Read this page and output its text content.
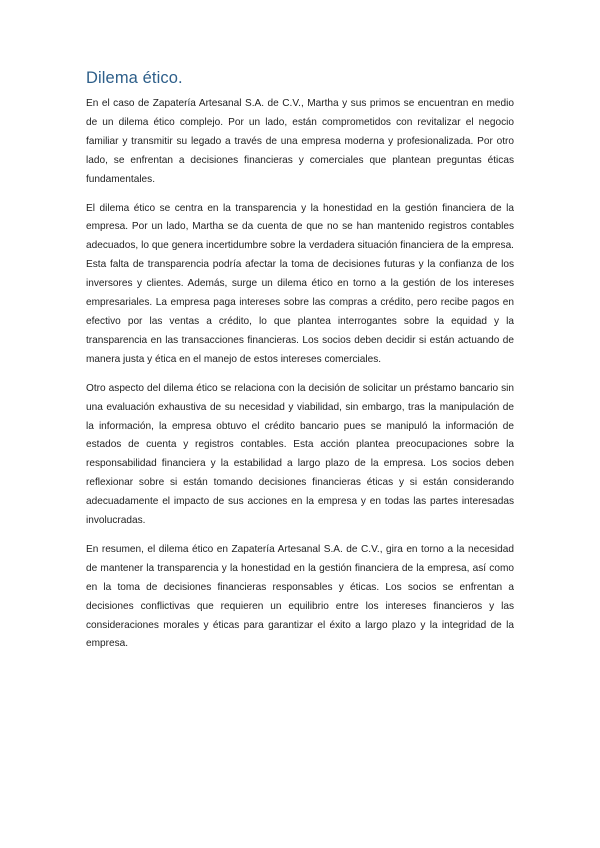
Dilema ético.

En el caso de Zapatería Artesanal S.A. de C.V., Martha y sus primos se encuentran en medio de un dilema ético complejo. Por un lado, están comprometidos con revitalizar el negocio familiar y transmitir su legado a través de una empresa moderna y profesionalizada. Por otro lado, se enfrentan a decisiones financieras y comerciales que plantean preguntas éticas fundamentales.

El dilema ético se centra en la transparencia y la honestidad en la gestión financiera de la empresa. Por un lado, Martha se da cuenta de que no se han mantenido registros contables adecuados, lo que genera incertidumbre sobre la verdadera situación financiera de la empresa. Esta falta de transparencia podría afectar la toma de decisiones futuras y la confianza de los inversores y clientes. Además, surge un dilema ético en torno a la gestión de los intereses empresariales. La empresa paga intereses sobre las compras a crédito, pero recibe pagos en efectivo por las ventas a crédito, lo que plantea interrogantes sobre la equidad y la transparencia en las transacciones financieras. Los socios deben decidir si están actuando de manera justa y ética en el manejo de estos intereses comerciales.

Otro aspecto del dilema ético se relaciona con la decisión de solicitar un préstamo bancario sin una evaluación exhaustiva de su necesidad y viabilidad, sin embargo, tras la manipulación de la información, la empresa obtuvo el crédito bancario pues se manipuló la información de estados de cuenta y registros contables. Esta acción plantea preocupaciones sobre la responsabilidad financiera y la estabilidad a largo plazo de la empresa. Los socios deben reflexionar sobre si están tomando decisiones financieras éticas y si están considerando adecuadamente el impacto de sus acciones en la empresa y en todas las partes interesadas involucradas.

En resumen, el dilema ético en Zapatería Artesanal S.A. de C.V., gira en torno a la necesidad de mantener la transparencia y la honestidad en la gestión financiera de la empresa, así como en la toma de decisiones financieras responsables y éticas. Los socios se enfrentan a decisiones conflictivas que requieren un equilibrio entre los intereses financieros y las consideraciones morales y éticas para garantizar el éxito a largo plazo y la integridad de la empresa.
